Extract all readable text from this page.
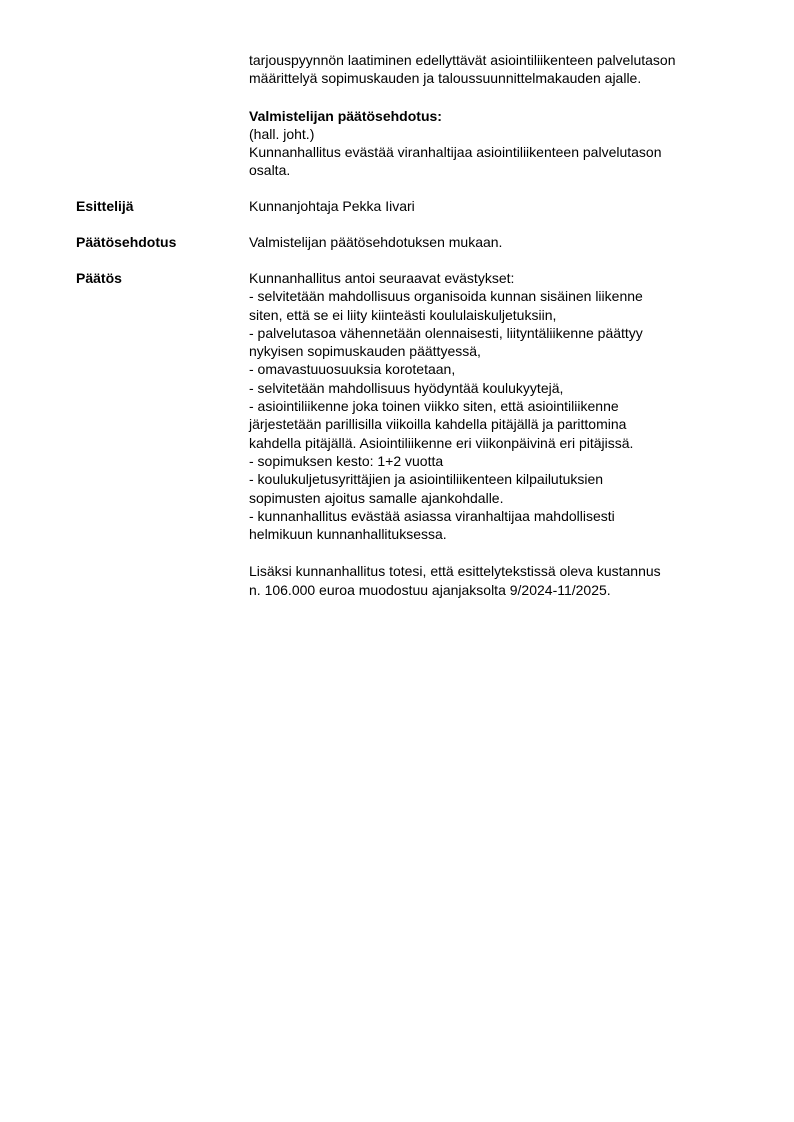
tarjouspyynnön laatiminen edellyttävät asiointiliikenteen palvelutason
määrittelyä sopimuskauden ja taloussuunnittelmakauden ajalle.
Valmistelijan päätösehdotus:
(hall. joht.)
Kunnanhallitus evästää viranhaltijaa asiointiliikenteen palvelutason
osalta.
Esittelijä	Kunnanjohtaja Pekka Iivari
Päätösehdotus	Valmistelijan päätösehdotuksen mukaan.
Päätös	Kunnanhallitus antoi seuraavat evästykset:
- selvitetään mahdollisuus organisoida kunnan sisäinen liikenne
siten, että se ei liity kiinteästi koululaiskuljetuksiin,
- palvelutasoa vähennetään olennaisesti, liityntäliikenne päättyy
nykyisen sopimuskauden päättyessä,
- omavastuuosuuksia korotetaan,
- selvitetään mahdollisuus hyödyntää koulukyytejä,
- asiointiliikenne joka toinen viikko siten, että asiointiliikenne
järjestetään parillisilla viikoilla kahdella pitäjällä ja parittomina
kahdella pitäjällä. Asiointiliikenne eri viikonpäivinä eri pitäjissä.
- sopimuksen kesto: 1+2 vuotta
- koulukuljetusyrittäjien ja asiointiliikenteen kilpailutuksien
sopimusten ajoitus samalle ajankohdalle.
- kunnanhallitus evästää asiassa viranhaltijaa mahdollisesti
helmikuun kunnanhallituksessa.
Lisäksi kunnanhallitus totesi, että esittelytekstissä oleva kustannus
n. 106.000 euroa muodostuu ajanjaksolta 9/2024-11/2025.
